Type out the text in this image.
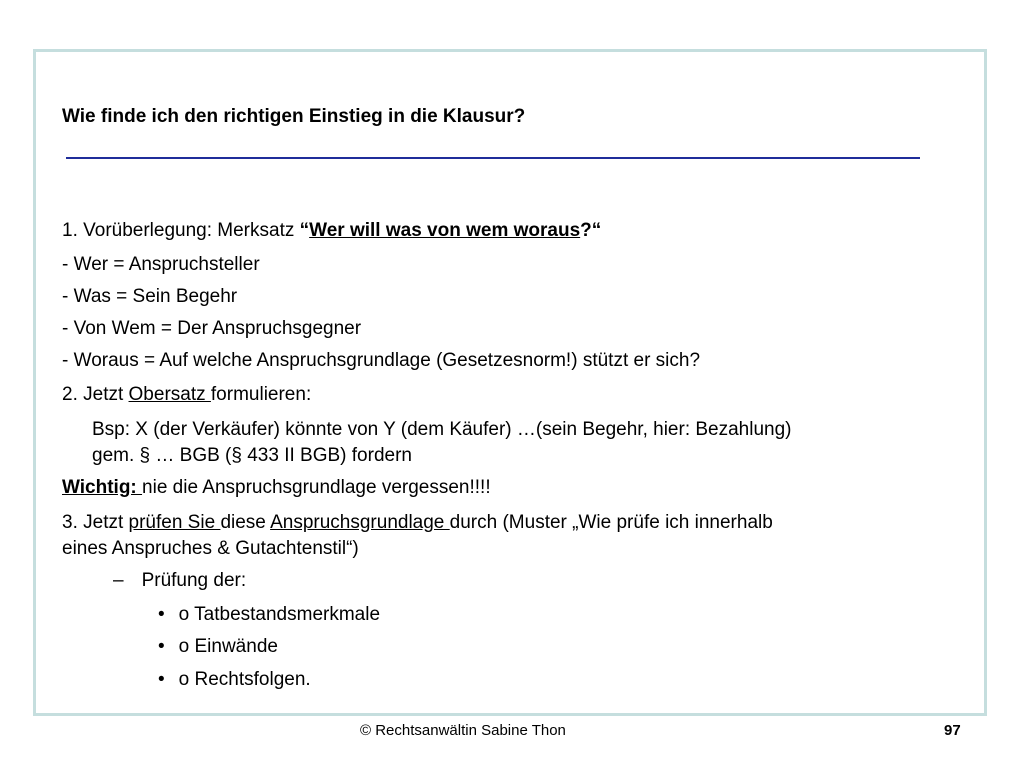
Wie finde ich den richtigen Einstieg in die Klausur?
1. Vorüberlegung: Merksatz “Wer will was von wem woraus?“
- Wer = Anspruchsteller
- Was = Sein Begehr
- Von Wem = Der Anspruchsgegner
- Woraus = Auf welche Anspruchsgrundlage (Gesetzesnorm!) stützt er sich?
2. Jetzt Obersatz formulieren:
Bsp: X (der Verkäufer) könnte von Y (dem Käufer) …(sein Begehr, hier: Bezahlung)
gem. § … BGB (§ 433 II BGB) fordern
Wichtig: nie die Anspruchsgrundlage vergessen!!!!
3. Jetzt prüfen Sie diese Anspruchsgrundlage durch (Muster „Wie prüfe ich innerhalb
eines Anspruches & Gutachtenstil“)
– Prüfung der:
• o Tatbestandsmerkmale
• o Einwände
• o Rechtsfolgen.
© Rechtsanwältin Sabine Thon	97
